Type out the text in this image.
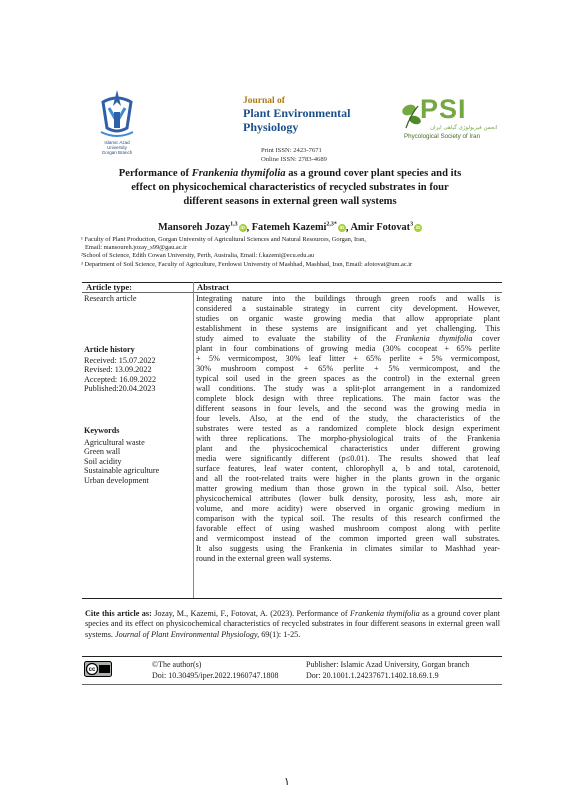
Islamic Azad University
Gorgan Branch
Journal of
Plant Environmental Physiology
Print ISSN: 2423-7671
Online ISSN: 2783-4689
PSI
انجمن فیزیولوژی گیاهی ایران
Phycological Society of Iran
Performance of Frankenia thymifolia as a ground cover plant species and its
effect on physicochemical characteristics of recycled substrates in four
different seasons in external green wall systems
Mansoreh Jozay$^{1,3}$ iD , Fatemeh Kazemi$^{2,3*}$ iD , Amir Fotovat$^3$ iD

¹ Faculty of Plant Production, Gorgan University of Agricultural Sciences and Natural Resources, Gorgan, Iran,

Email: mansoureh.jozay_s99@gau.ac.ir

²School of Science, Edith Cowan University, Perth, Australia, Email: f.kazemi@ecu.edu.au

³ Department of Soil Science, Faculty of Agriculture, Ferdowsi University of Mashhad, Mashhad, Iran, Email: afotovat@um.ac.ir

Article type:	Abstract
Research article
Article history
Received: 15.07.2022
Revised: 13.09.2022
Accepted: 16.09.2022
Published:20.04.2023
Keywords
Agricultural waste
Green wall
Soil acidity
Sustainable agriculture
Urban development
Integrating nature into the buildings through green roofs and walls is
considered a sustainable strategy in current city development. However,
studies on organic waste growing media that allow appropriate plant
establishment in these systems are insignificant and yet challenging. This
study aimed to evaluate the stability of the Frankenia thymifolia cover
plant in four combinations of growing media (30% cocopeat + 65% perlite
+ 5% vermicompost, 30% leaf litter + 65% perlite + 5% vermicompost,
30% mushroom compost + 65% perlite + 5% vermicompost, and the
typical soil used in the green spaces as the control) in the external green
wall conditions. The study was a split-plot arrangement in a randomized
complete block design with three replications. The main factor was the
different seasons in four levels, and the second was the growing media in
four levels. Also, at the end of the study, the characteristics of the
substrates were tested as a randomized complete block design experiment
with three replications. The morpho-physiological traits of the Frankenia
plant and the physicochemical characteristics under different growing
media were significantly different (p≤0.01). The results showed that leaf
surface features, leaf water content, chlorophyll a, b and total, carotenoid,
and all the root-related traits were higher in the plants grown in the organic
matter growing medium than those grown in the typical soil. Also, better
physicochemical attributes (lower bulk density, porosity, less ash, more air
volume, and more acidity) were observed in organic growing medium in
comparison with the typical soil. The results of this research confirmed the
favorable effect of using washed mushroom compost along with perlite
and vermicompost instead of the common imported green wall substrates.
It also suggests using the Frankenia in climates similar to Mashhad year-
round in the external green wall systems.
Cite this article as: Jozay, M., Kazemi, F., Fotovat, A. (2023). Performance of Frankenia thymifolia as a ground cover plant species and its effect on physicochemical characteristics of recycled substrates in four different seasons in external green wall systems. Journal of Plant Environmental Physiology, 69(1): 1-25.
cc
©The author(s)
Doi: 10.30495/iper.2022.1960747.1808
Publisher: Islamic Azad University, Gorgan branch
Dor: 20.1001.1.24237671.1402.18.69.1.9
١
